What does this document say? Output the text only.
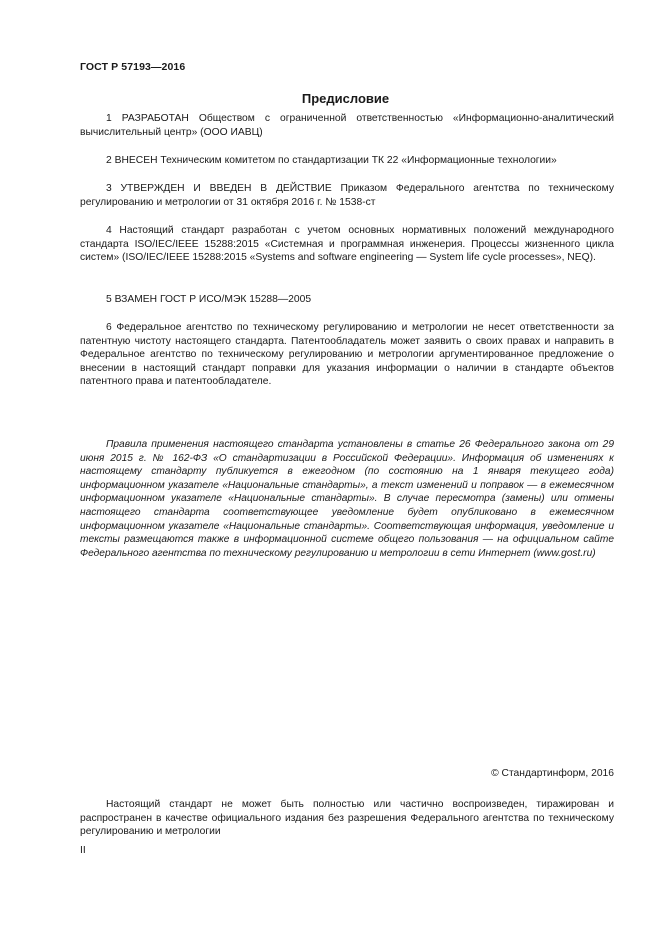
ГОСТ Р 57193—2016
Предисловие

1 РАЗРАБОТАН Обществом с ограниченной ответственностью «Информационно-аналитический вычислительный центр» (ООО ИАВЦ)

2 ВНЕСЕН Техническим комитетом по стандартизации ТК 22 «Информационные технологии»

3 УТВЕРЖДЕН И ВВЕДЕН В ДЕЙСТВИЕ Приказом Федерального агентства по техническому регулированию и метрологии от 31 октября 2016 г. № 1538-ст

4 Настоящий стандарт разработан с учетом основных нормативных положений международного стандарта ISO/IEC/IEEE 15288:2015 «Системная и программная инженерия. Процессы жизненного цикла систем» (ISO/IEC/IEEE 15288:2015 «Systems and software engineering — System life cycle processes», NEQ).

5 ВЗАМЕН ГОСТ Р ИСО/МЭК 15288—2005

6 Федеральное агентство по техническому регулированию и метрологии не несет ответственности за патентную чистоту настоящего стандарта. Патентообладатель может заявить о своих правах и направить в Федеральное агентство по техническому регулированию и метрологии аргументированное предложение о внесении в настоящий стандарт поправки для указания информации о наличии в стандарте объектов патентного права и патентообладателе.

Правила применения настоящего стандарта установлены в статье 26 Федерального закона от 29 июня 2015 г. № 162-ФЗ «О стандартизации в Российской Федерации». Информация об изменениях к настоящему стандарту публикуется в ежегодном (по состоянию на 1 января текущего года) информационном указателе «Национальные стандарты», а текст изменений и поправок — в ежемесячном информационном указателе «Национальные стандарты». В случае пересмотра (замены) или отмены настоящего стандарта соответствующее уведомление будет опубликовано в ежемесячном информационном указателе «Национальные стандарты». Соответствующая информация, уведомление и тексты размещаются также в информационной системе общего пользования — на официальном сайте Федерального агентства по техническому регулированию и метрологии в сети Интернет (www.gost.ru)

© Стандартинформ, 2016

Настоящий стандарт не может быть полностью или частично воспроизведен, тиражирован и распространен в качестве официального издания без разрешения Федерального агентства по техническому регулированию и метрологии

II
